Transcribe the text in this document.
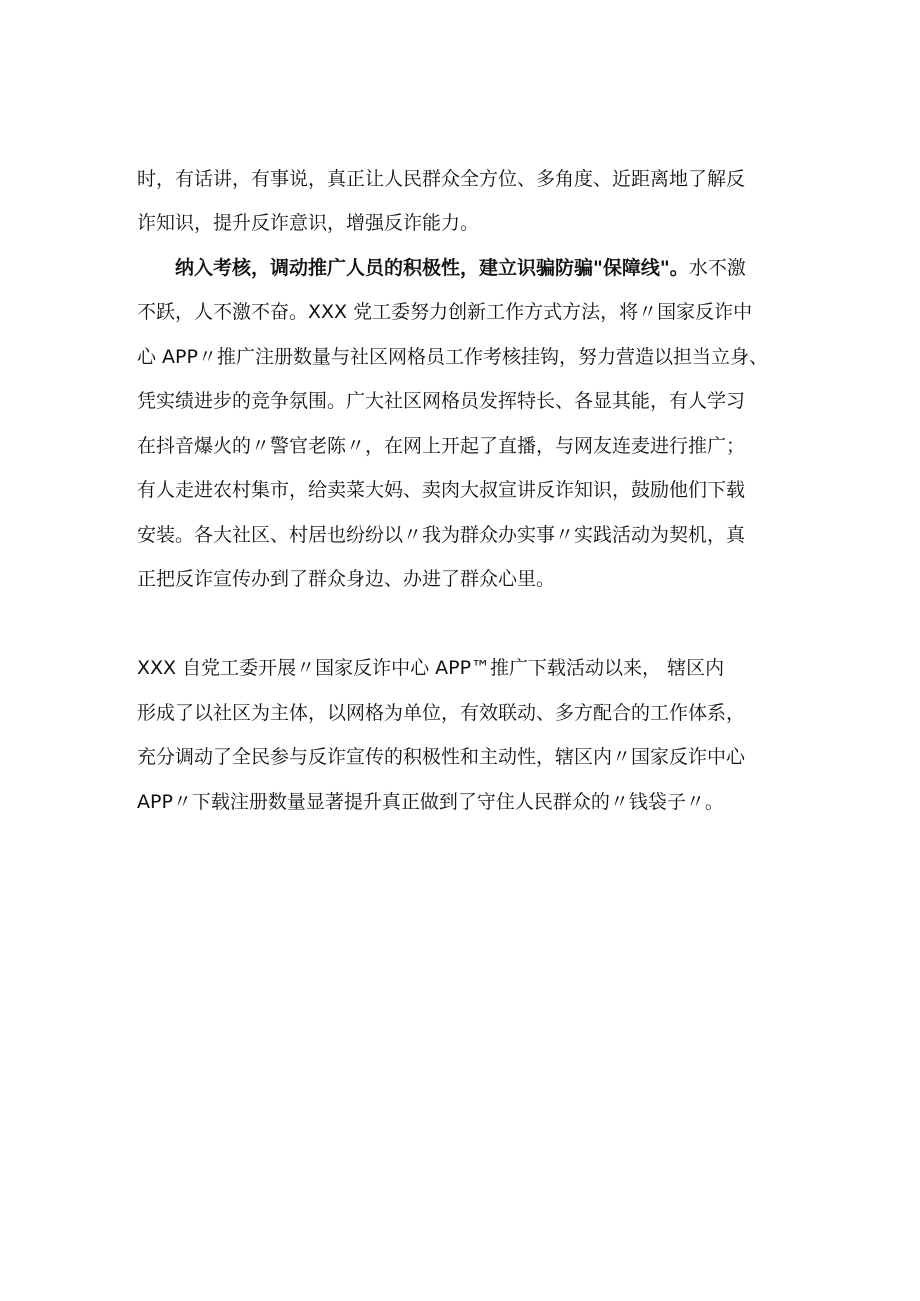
时，有话讲，有事说，真正让人民群众全方位、多角度、近距离地了解反
诈知识，提升反诈意识，增强反诈能力。

纳入考核，调动推广人员的积极性，建立识骗防骗"保障线"。水不激
不跃，人不激不奋。XXX 党工委努力创新工作方式方法，将〃国家反诈中
心 APP〃推广注册数量与社区网格员工作考核挂钩，努力营造以担当立身、
凭实绩进步的竞争氛围。广大社区网格员发挥特长、各显其能，有人学习
在抖音爆火的〃警官老陈〃，在网上开起了直播，与网友连麦进行推广；
有人走进农村集市，给卖菜大妈、卖肉大叔宣讲反诈知识，鼓励他们下载
安装。各大社区、村居也纷纷以〃我为群众办实事〃实践活动为契机，真
正把反诈宣传办到了群众身边、办进了群众心里。

XXX 自党工委开展〃国家反诈中心 APP™推广下载活动以来， 辖区内
形成了以社区为主体，以网格为单位，有效联动、多方配合的工作体系，
充分调动了全民参与反诈宣传的积极性和主动性，辖区内〃国家反诈中心
APP〃下载注册数量显著提升真正做到了守住人民群众的〃钱袋子〃。
